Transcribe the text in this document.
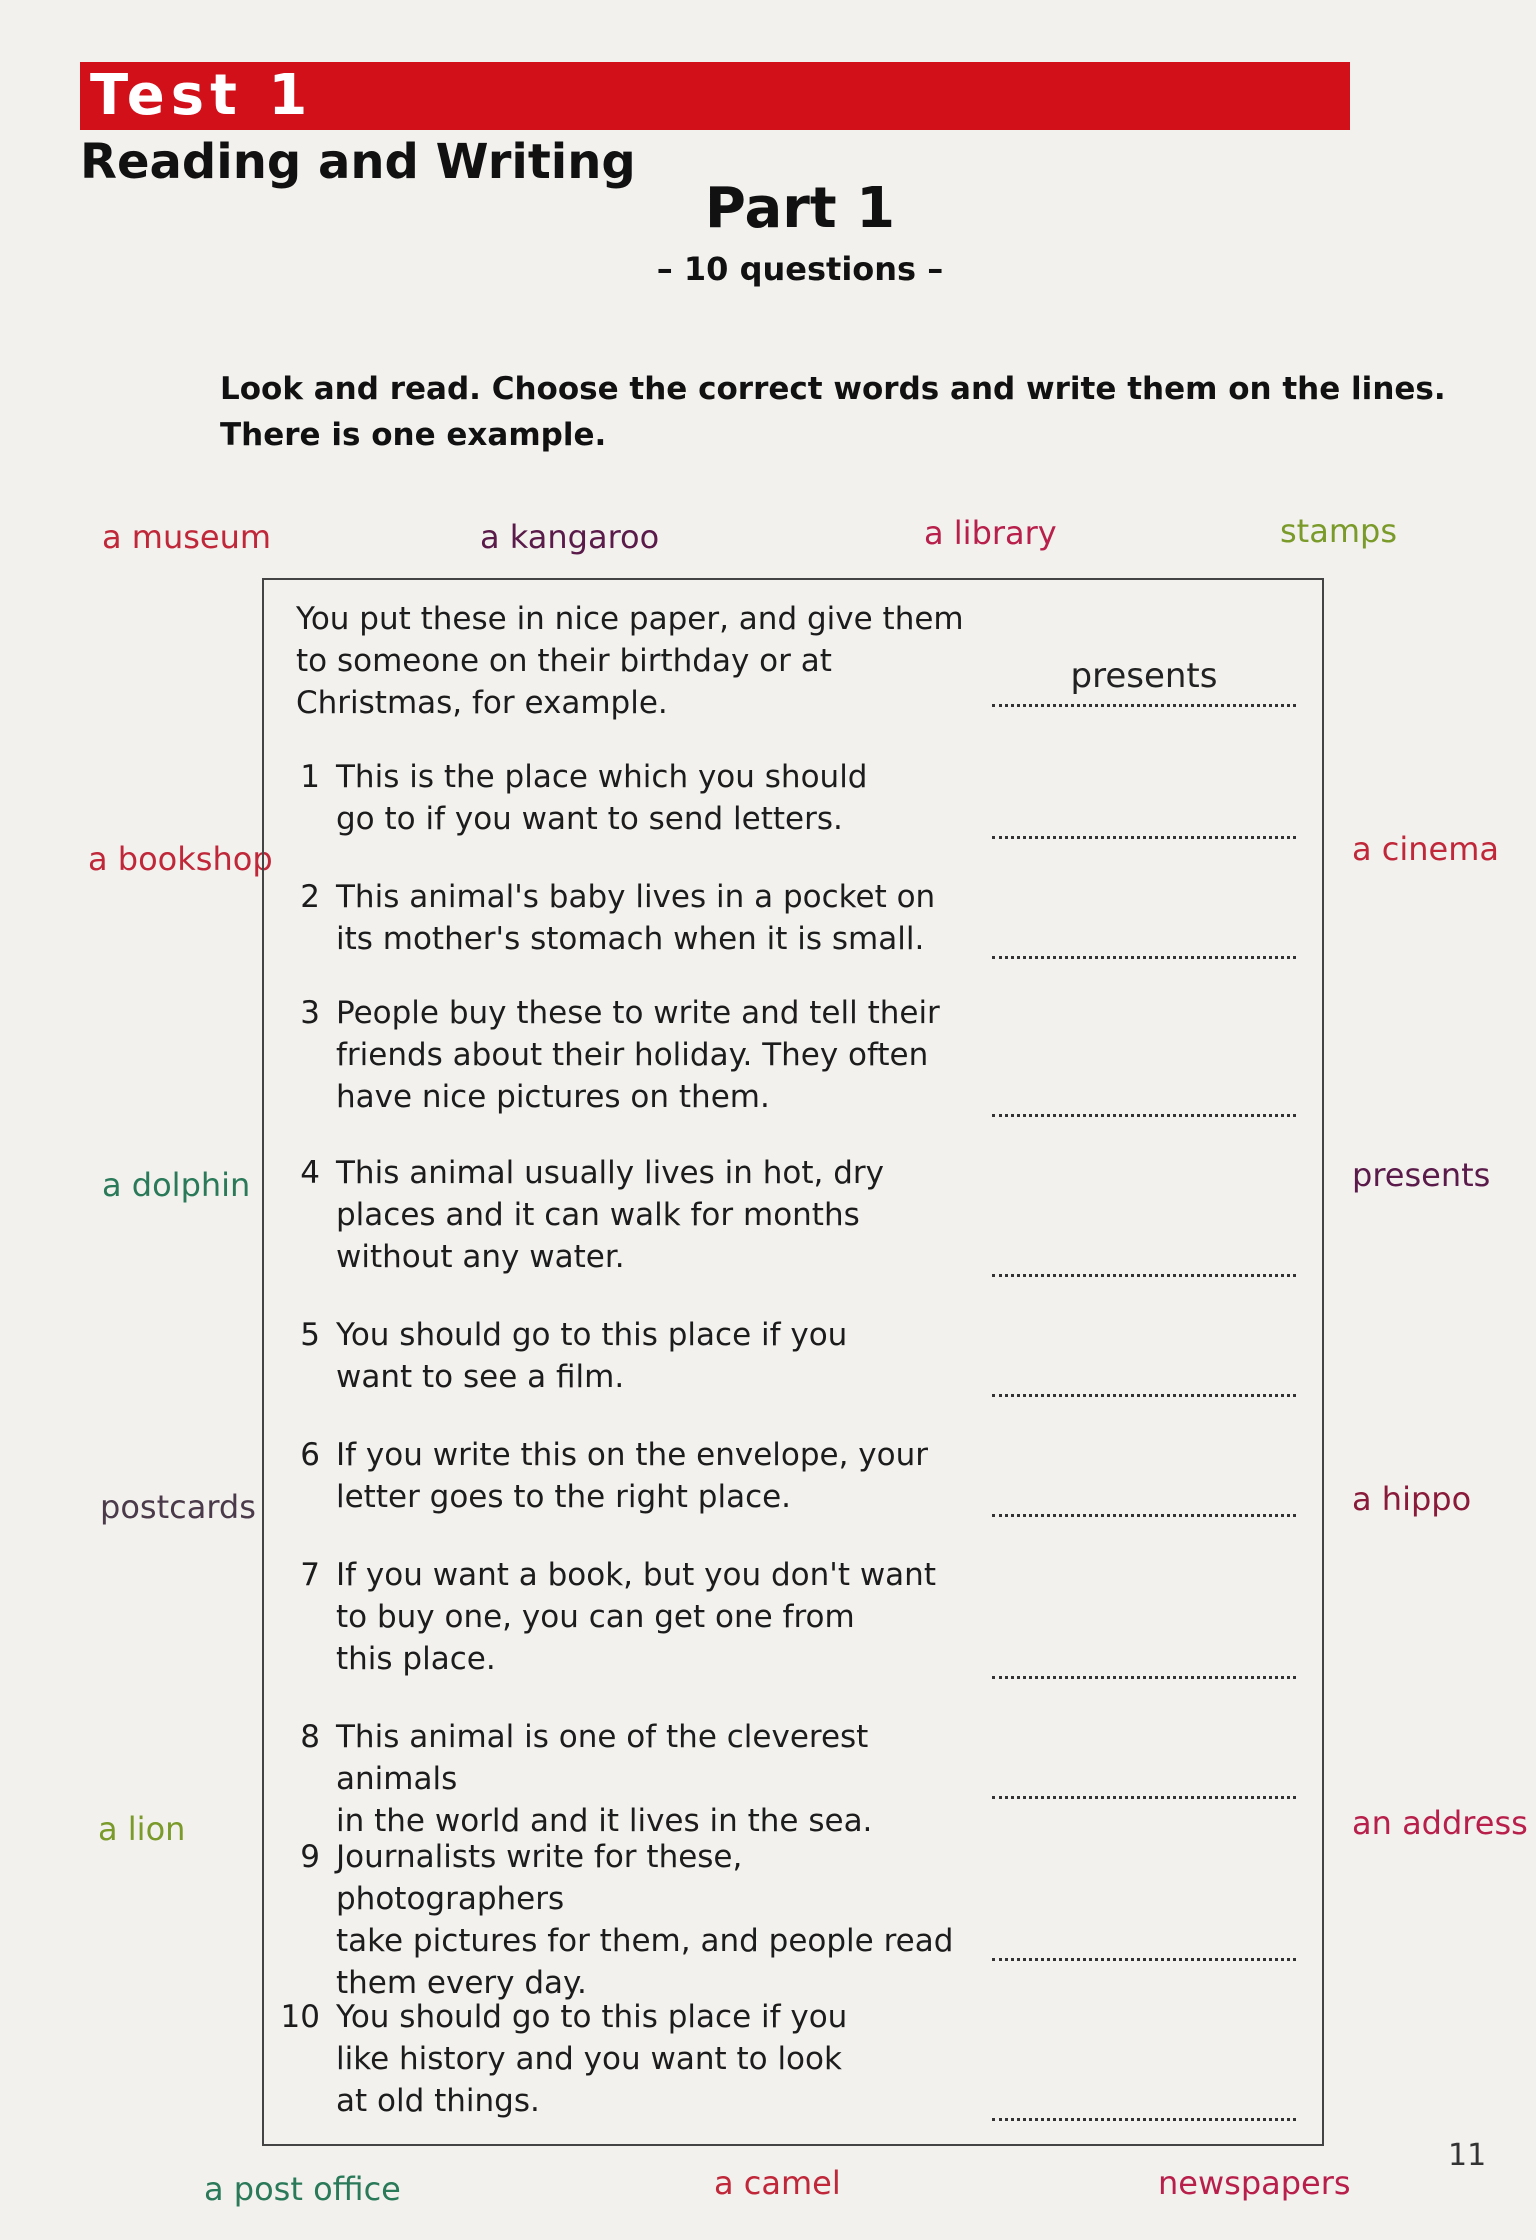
Test 1
Reading and Writing
Part 1
– 10 questions –
Look and read. Choose the correct words and write them on the lines.
There is one example.
a museum	a kangaroo	a library	stamps
a bookshop	a cinema
a dolphin	presents
postcards	a hippo
a lion	an address
a post office	a camel	newspapers
You put these in nice paper, and give them
to someone on their birthday or at
Christmas, for example.
presents
1 This is the place which you should
go to if you want to send letters.
2 This animal's baby lives in a pocket on
its mother's stomach when it is small.
3 People buy these to write and tell their
friends about their holiday. They often
have nice pictures on them.
4 This animal usually lives in hot, dry
places and it can walk for months
without any water.
5 You should go to this place if you
want to see a film.
6 If you write this on the envelope, your
letter goes to the right place.
7 If you want a book, but you don't want
to buy one, you can get one from
this place.
8 This animal is one of the cleverest animals
in the world and it lives in the sea.
9 Journalists write for these, photographers
take pictures for them, and people read
them every day.
10 You should go to this place if you
like history and you want to look
at old things.
11
